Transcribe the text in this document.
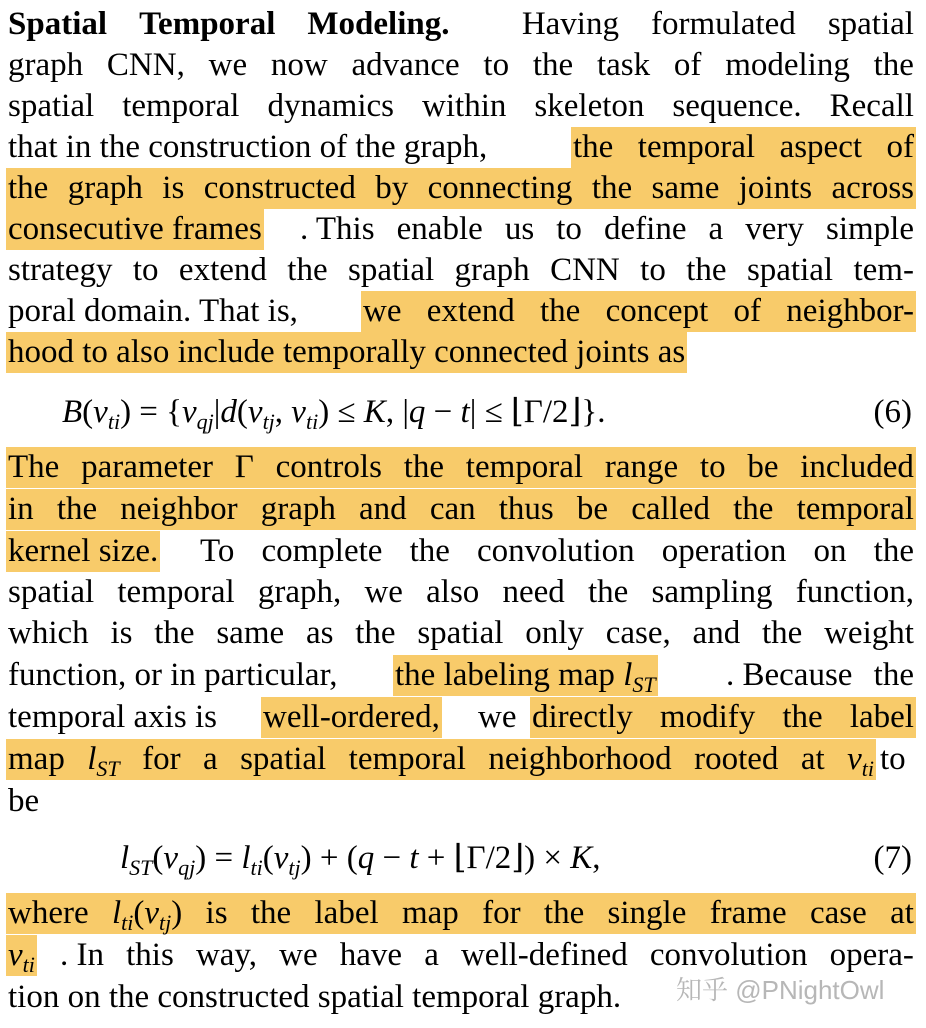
Spatial Temporal Modeling.
Having formulated spatial
graph CNN, we now advance to the task of modeling the
spatial temporal dynamics within skeleton sequence. Recall
that in the construction of the graph,	the temporal aspect of
the graph is constructed by connecting the same joints across
consecutive frames . This enable us to define a very simple
strategy to extend the spatial graph CNN to the spatial tem-
poral domain. That is, we extend the concept of neighbor-
hood to also include temporally connected joints as
$B(v_{ti}) = \{v_{qj}|d(v_{tj}$, $v_{ti}) \le K$, |q − t| ≤ ⌊Γ/2⌋}.	(6)
The parameter Γ controls the temporal range to be included
in the neighbor graph and can thus be called the temporal
kernel size. To complete the convolution operation on the
spatial temporal graph, we also need the sampling function,
which is the same as the spatial only case, and the weight
function, or in particular, the labeling map $l_{ST}$ . Because the
temporal axis is well-ordered, we directly modify the label
map $l_{ST}$ for a spatial temporal neighborhood rooted at $v_{ti}$ to
be
$l_{ST}(v_{qj}) = l_{ti}(v_{tj}) + (q - t$ + ⌊Γ/2⌋) × K,	(7)
where $l_{ti}(v_{tj})$ is the label map for the single frame case at
$v_{ti}$ . In this way, we have a well-defined convolution opera-
tion on the constructed spatial temporal graph. 知乎 @PNightOwl
